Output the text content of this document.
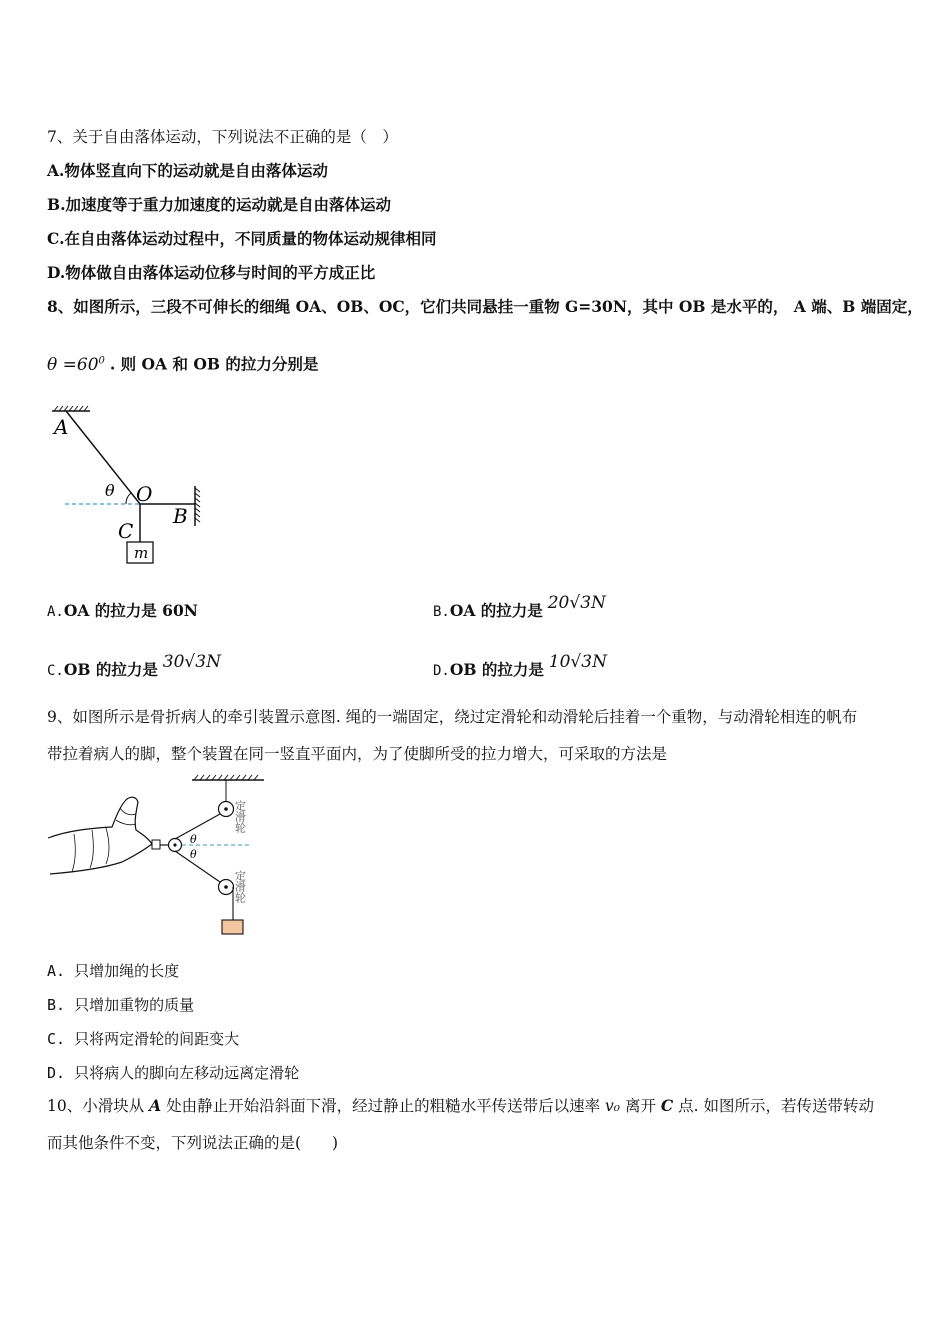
7、关于自由落体运动，下列说法不正确的是（　）
A.物体竖直向下的运动就是自由落体运动
B.加速度等于重力加速度的运动就是自由落体运动
C.在自由落体运动过程中，不同质量的物体运动规律相同
D.物体做自由落体运动位移与时间的平方成正比
8、如图所示，三段不可伸长的细绳 OA、OB、OC，它们共同悬挂一重物 G=30N，其中 OB 是水平的， A 端、B 端固定，
$\theta =60^0$ . 则 OA 和 OB 的拉力分别是
A
O
B
C
m
θ
A.OA 的拉力是 60N	B.OA 的拉力是 20√3N
C.OB 的拉力是 30√3N	D.OB 的拉力是 10√3N
9、如图所示是骨折病人的牵引装置示意图. 绳的一端固定，绕过定滑轮和动滑轮后挂着一个重物，与动滑轮相连的帆布
带拉着病人的脚，整个装置在同一竖直平面内，为了使脚所受的拉力增大，可采取的方法是
θ
θ
定滑轮
定滑轮
A. 只增加绳的长度
B. 只增加重物的质量
C. 只将两定滑轮的间距变大
D. 只将病人的脚向左移动远离定滑轮
10、小滑块从 A 处由静止开始沿斜面下滑，经过静止的粗糙水平传送带后以速率 v₀ 离开 C 点. 如图所示，若传送带转动
而其他条件不变，下列说法正确的是(　　)
